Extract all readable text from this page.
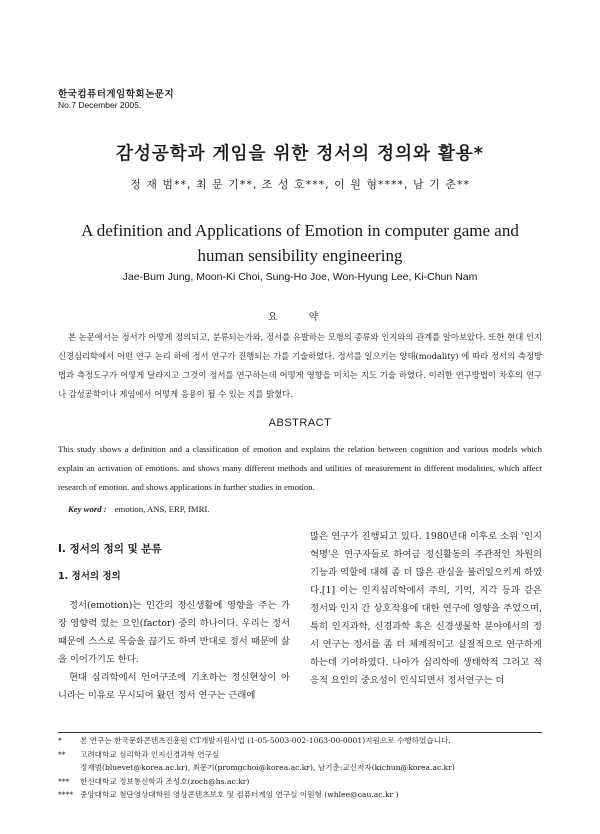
한국컴퓨터게임학회논문지
No.7 December 2005.
감성공학과 게임을 위한 정서의 정의와 활용*
정 재 범**, 최 문 기**, 조 성 호***, 이 원 형****, 남 기 춘**
A definition and Applications of Emotion in computer game and human sensibility engineering
Jae-Bum Jung, Moon-Ki Choi, Sung-Ho Joe, Won-Hyung Lee, Ki-Chun Nam
요 약
본 논문에서는 정서가 어떻게 정의되고, 분류되는가와, 정서를 유발하는 모형의 종류와 인지와의 관계를 알아보았다. 또한 현대 인지신경심리학에서 어떤 연구 논리 하에 정서 연구가 진행되는 가를 기술하였다. 정서를 일으키는 양태(modality) 에 따라 정서의 측정방법과 측정도구가 어떻게 달라지고 그것이 정서를 연구하는데 어떻게 영향을 미치는 지도 기술 하였다. 이러한 연구방법이 차후의 연구나 감성공학이나 게임에서 어떻게 응용이 될 수 있는 지를 밝혔다.
ABSTRACT
This study shows a definition and a classification of emotion and explains the relation between cognition and various models which explain an activation of emotions. and shows many different methods and utilities of measurement in different modalities, which affect research of emotion. and shows applications in further studies in emotion.
Key word : emotion, ANS, ERP, fMRI.
Ⅰ. 정서의 정의 및 분류
1. 정서의 정의

정서(emotion)는 인간의 정신생활에 영향을 주는 가장 영향력 있는 요인(factor) 중의 하나이다. 우리는 정서 때문에 스스로 목숨을 끊기도 하며 반대로 정서 때문에 삶을 이어가기도 한다.

현대 심리학에서 언어구조에 기초하는 정신현상이 아니라는 이유로 무시되어 왔던 정서 연구는 근래에

많은 연구가 진행되고 있다. 1980년대 이후로 소위 '인지혁명'은 연구자들로 하여금 정신활동의 주관적인 차원의 기능과 역할에 대해 좀 더 많은 관심을 불러일으키게 하였다.[1] 이는 인지심리학에서 주의, 기억, 지각 등과 같은 정서와 인지 간 상호작용에 대한 연구에 영향을 주었으며, 특히 인지과학, 신경과학 혹은 신경생물학 분야에서의 정서 연구는 정서를 좀 더 체계적이고 실질적으로 연구하게 하는데 기여하였다. 나아가 심리학에 생태학적 그리고 적응적 요인의 중요성이 인식되면서 정서연구는 더

*	본 연구는 한국문화콘텐츠진흥원 CT개발지원사업 (1-05-5003-002-1063-00-0001)지원으로 수행하였습니다.
**	고려대학교 심리학과 인지신경과학 연구실
정재범(bluevet@korea.ac.kr), 최문기(promgchoi@korea.ac.kr), 남기춘:교신저자(kichun@korea.ac.kr)
***	한신대학교 정보통신학과 조성호(zoch@hs.ac.kr)
**** 중앙대학교 첨단영상대학원 영상콘텐츠보호 및 컴퓨터게임 연구실 이원형 (whlee@cau.ac.kr )
